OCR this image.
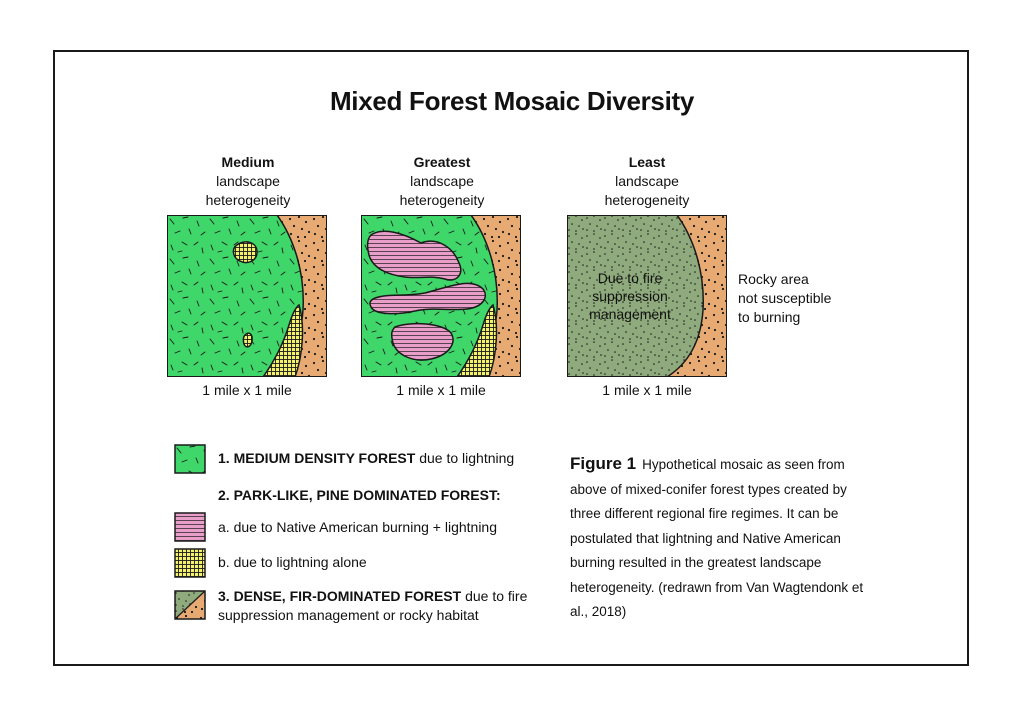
Mixed Forest Mosaic Diversity
Medium
landscape
heterogeneity
Greatest
landscape
heterogeneity
Least
landscape
heterogeneity
Due to fire
suppression
management
1 mile x 1 mile	1 mile x 1 mile	1 mile x 1 mile
Rocky area
not susceptible
to burning
1. MEDIUM DENSITY FOREST due to lightning
2. PARK-LIKE, PINE DOMINATED FOREST:
a. due to Native American burning + lightning
b. due to lightning alone
3. DENSE, FIR-DOMINATED FOREST due to fire
suppression management or rocky habitat
Figure 1 Hypothetical mosaic as seen from above of mixed-conifer forest types created by three different regional fire regimes. It can be postulated that lightning and Native American burning resulted in the greatest landscape heterogeneity. (redrawn from Van Wagtendonk et al., 2018)
